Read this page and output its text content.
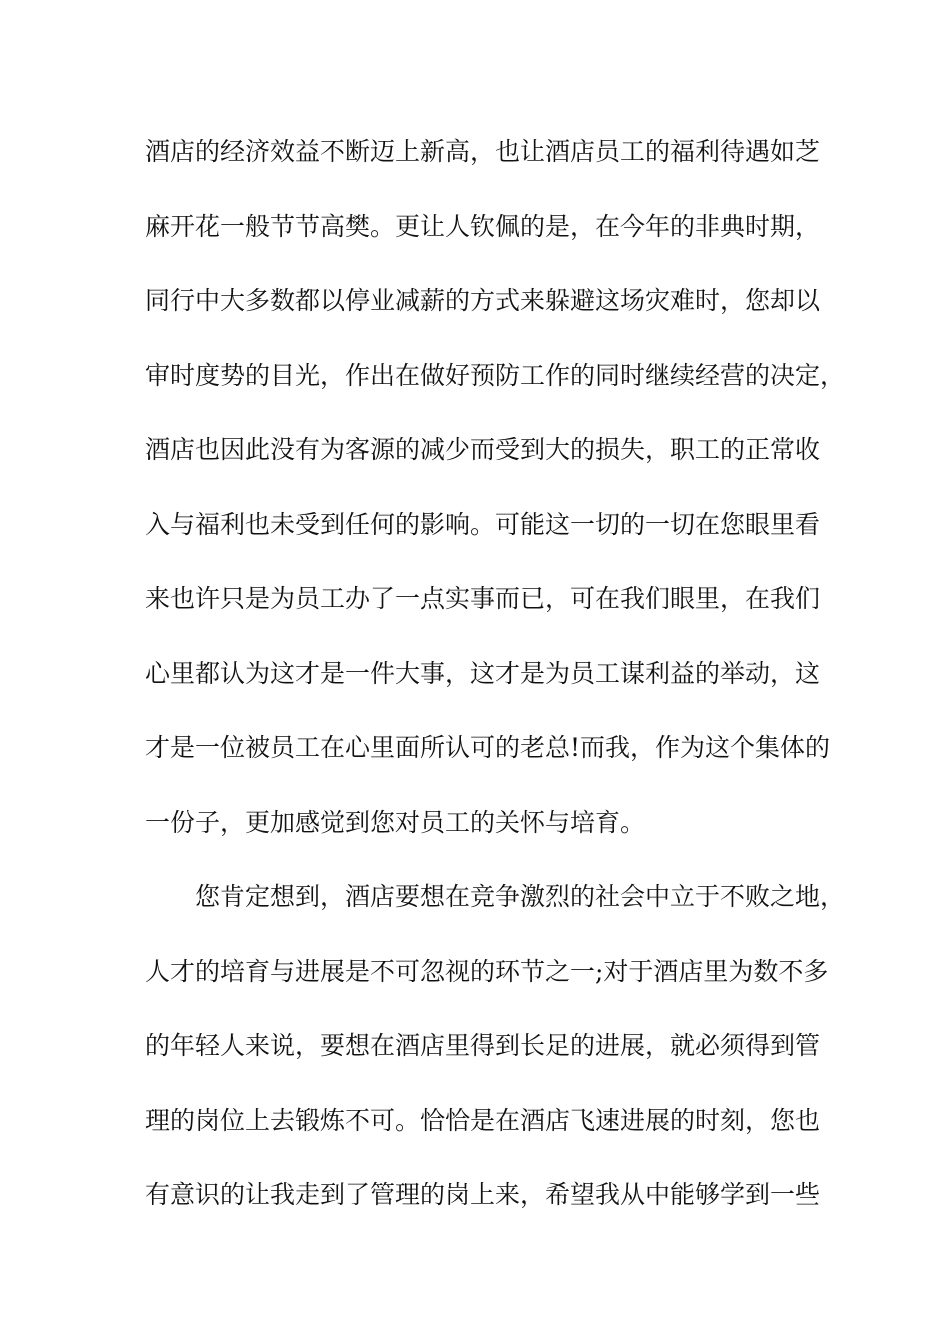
酒店的经济效益不断迈上新高，也让酒店员工的福利待遇如芝
麻开花一般节节高樊。更让人钦佩的是，在今年的非典时期，
同行中大多数都以停业减薪的方式来躲避这场灾难时，您却以
审时度势的目光，作出在做好预防工作的同时继续经营的决定，
酒店也因此没有为客源的减少而受到大的损失，职工的正常收
入与福利也未受到任何的影响。可能这一切的一切在您眼里看
来也许只是为员工办了一点实事而已，可在我们眼里，在我们
心里都认为这才是一件大事，这才是为员工谋利益的举动，这
才是一位被员工在心里面所认可的老总!而我，作为这个集体的
一份子，更加感觉到您对员工的关怀与培育。
您肯定想到，酒店要想在竞争激烈的社会中立于不败之地，
人才的培育与进展是不可忽视的环节之一;对于酒店里为数不多
的年轻人来说，要想在酒店里得到长足的进展，就必须得到管
理的岗位上去锻炼不可。恰恰是在酒店飞速进展的时刻，您也
有意识的让我走到了管理的岗上来，希望我从中能够学到一些
